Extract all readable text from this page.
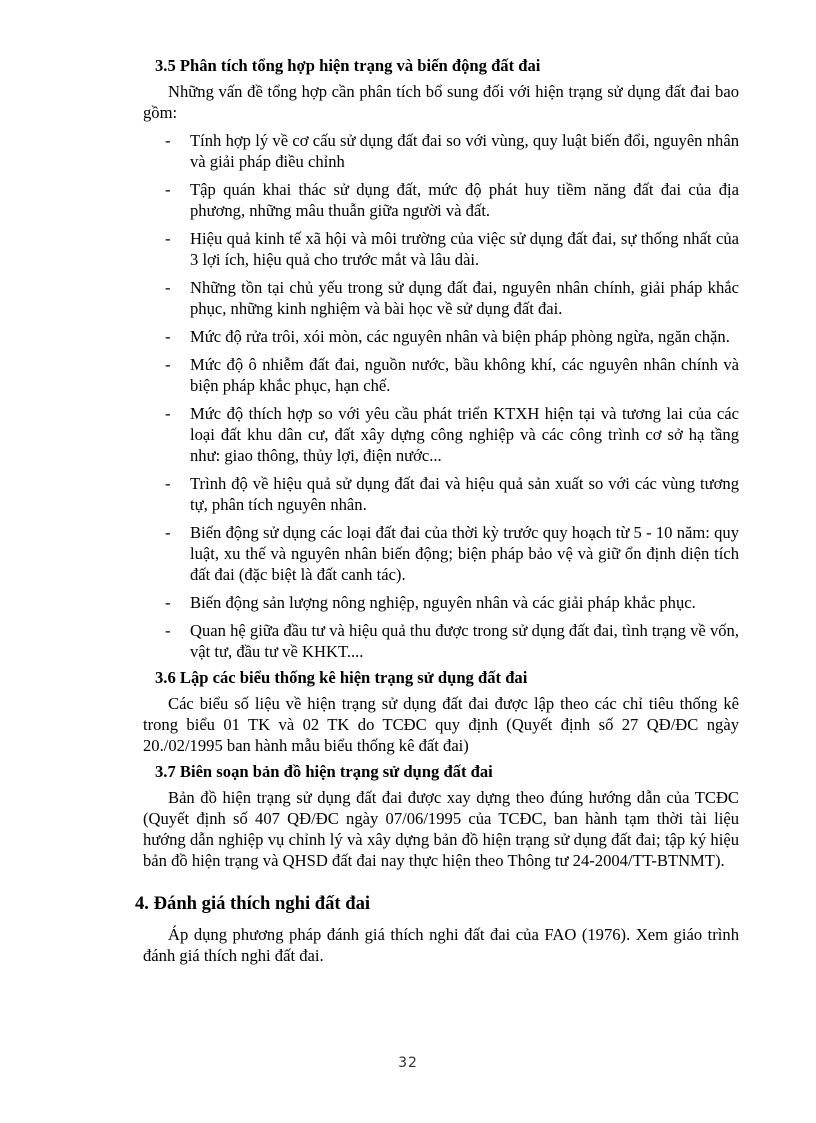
3.5 Phân tích tổng hợp hiện trạng và biến động đất đai

Những vấn đề tổng hợp cần phân tích bổ sung đối với hiện trạng sử dụng đất đai bao gồm:

- Tính hợp lý về cơ cấu sử dụng đất đai so với vùng, quy luật biến đổi, nguyên nhân và giải pháp điều chỉnh
- Tập quán khai thác sử dụng đất, mức độ phát huy tiềm năng đất đai của địa phương, những mâu thuẫn giữa người và đất.
- Hiệu quả kinh tế xã hội và môi trường của việc sử dụng đất đai, sự thống nhất của 3 lợi ích, hiệu quả cho trước mắt và lâu dài.
- Những tồn tại chủ yếu trong sử dụng đất đai, nguyên nhân chính, giải pháp khắc phục, những kinh nghiệm và bài học về sử dụng đất đai.
- Mức độ rửa trôi, xói mòn, các nguyên nhân và biện pháp phòng ngừa, ngăn chặn.
- Mức độ ô nhiễm đất đai, nguồn nước, bầu không khí, các nguyên nhân chính và biện pháp khắc phục, hạn chế.
- Mức độ thích hợp so với yêu cầu phát triển KTXH hiện tại và tương lai của các loại đất khu dân cư, đất xây dựng công nghiệp và các công trình cơ sở hạ tầng như: giao thông, thủy lợi, điện nước...
- Trình độ về hiệu quả sử dụng đất đai và hiệu quả sản xuất so với các vùng tương tự, phân tích nguyên nhân.
- Biến động sử dụng các loại đất đai của thời kỳ trước quy hoạch từ 5 - 10 năm: quy luật, xu thế và nguyên nhân biến động; biện pháp bảo vệ và giữ ổn định diện tích đất đai (đặc biệt là đất canh tác).
- Biến động sản lượng nông nghiệp, nguyên nhân và các giải pháp khắc phục.
- Quan hệ giữa đầu tư và hiệu quả thu được trong sử dụng đất đai, tình trạng về vốn, vật tư, đầu tư về KHKT....
3.6 Lập các biểu thống kê hiện trạng sử dụng đất đai

Các biểu số liệu về hiện trạng sử dụng đất đai được lập theo các chỉ tiêu thống kê trong biểu 01 TK và 02 TK do TCĐC quy định (Quyết định số 27 QĐ/ĐC ngày 20./02/1995 ban hành mẫu biểu thống kê đất đai)

3.7 Biên soạn bản đồ hiện trạng sử dụng đất đai

Bản đồ hiện trạng sử dụng đất đai được xay dựng theo đúng hướng dẫn của TCĐC (Quyết định số 407 QĐ/ĐC ngày 07/06/1995 của TCĐC, ban hành tạm thời tài liệu hướng dẫn nghiệp vụ chỉnh lý và xây dựng bản đồ hiện trạng sử dụng đất đai; tập ký hiệu bản đồ hiện trạng và QHSD đất đai nay thực hiện theo Thông tư 24-2004/TT-BTNMT).

4. Đánh giá thích nghi đất đai

Áp dụng phương pháp đánh giá thích nghi đất đai của FAO (1976). Xem giáo trình đánh giá thích nghi đất đai.

32
